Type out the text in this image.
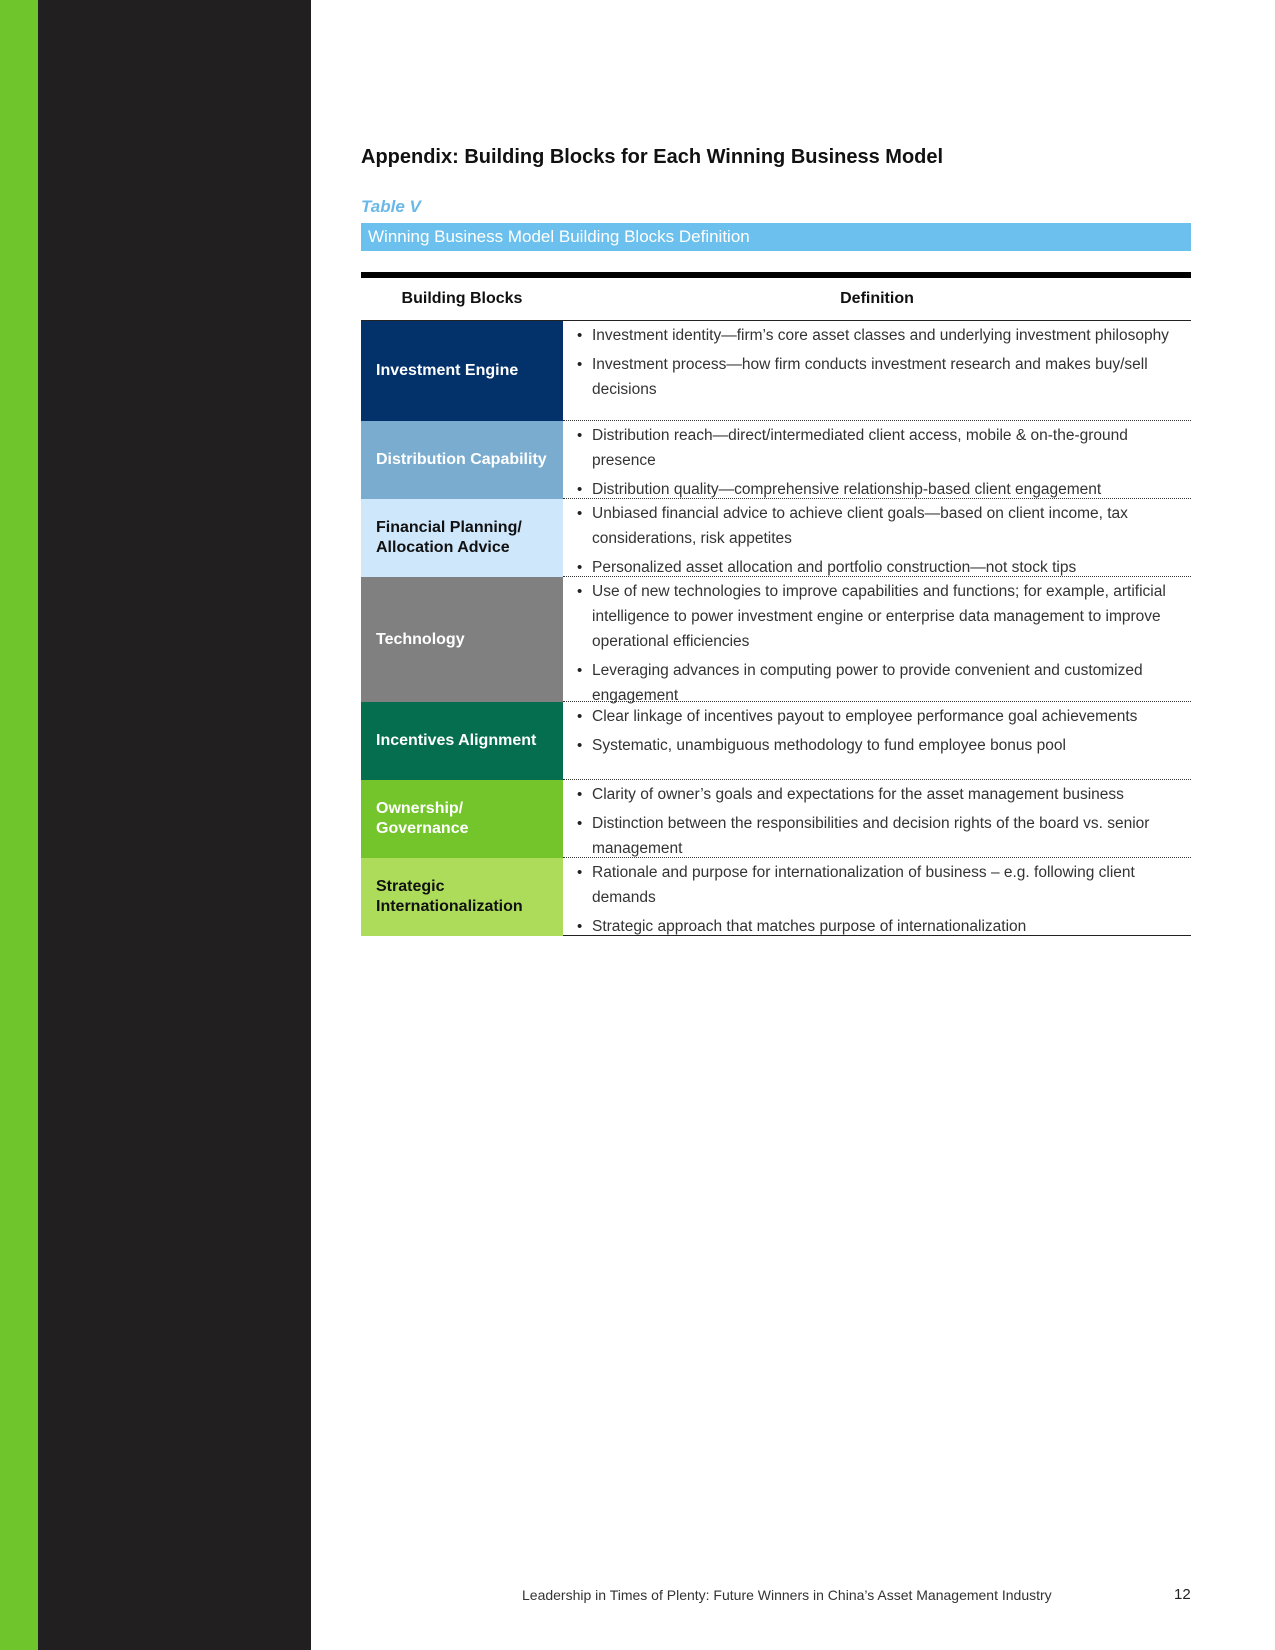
Appendix: Building Blocks for Each Winning Business Model
Table V
Winning Business Model Building Blocks Definition
Building Blocks	Definition
Investment Engine
• Investment identity—firm’s core asset classes and underlying investment philosophy
• Investment process—how firm conducts investment research and makes buy/sell decisions
Distribution Capability
• Distribution reach—direct/intermediated client access, mobile & on-the-ground presence
• Distribution quality—comprehensive relationship-based client engagement
Financial Planning/ Allocation Advice
• Unbiased financial advice to achieve client goals—based on client income, tax considerations, risk appetites
• Personalized asset allocation and portfolio construction—not stock tips
Technology
• Use of new technologies to improve capabilities and functions; for example, artificial intelligence to power investment engine or enterprise data management to improve operational efficiencies
• Leveraging advances in computing power to provide convenient and customized engagement
Incentives Alignment
• Clear linkage of incentives payout to employee performance goal achievements
• Systematic, unambiguous methodology to fund employee bonus pool
Ownership/ Governance
• Clarity of owner’s goals and expectations for the asset management business
• Distinction between the responsibilities and decision rights of the board vs. senior management
Strategic Internationalization
• Rationale and purpose for internationalization of business – e.g. following client demands
• Strategic approach that matches purpose of internationalization
Leadership in Times of Plenty: Future Winners in China’s Asset Management Industry	12
